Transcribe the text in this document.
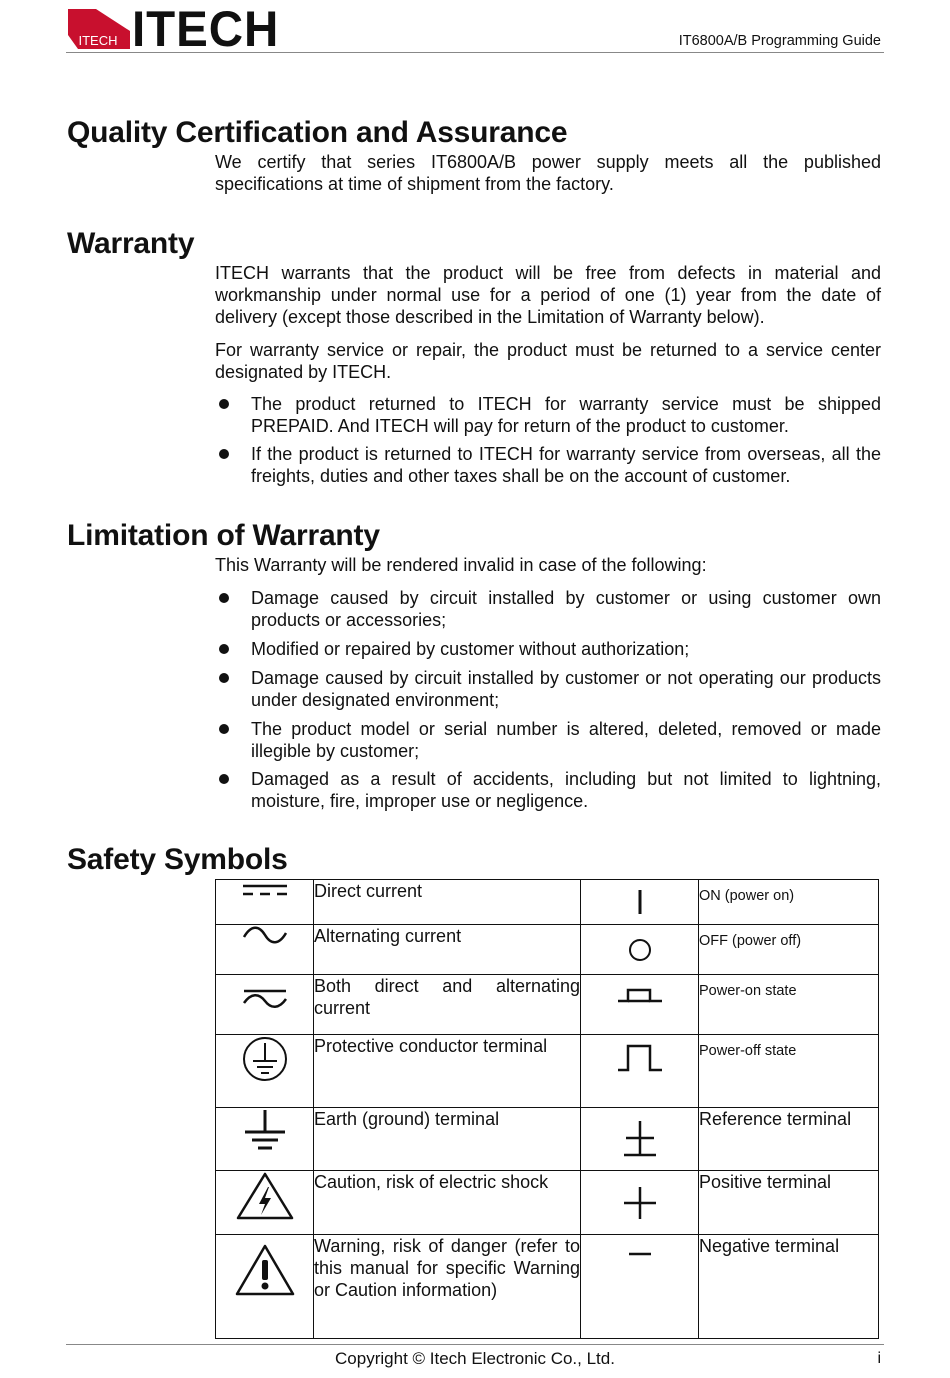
ITECH ITECH	IT6800A/B Programming Guide
Quality Certification and Assurance

We certify that series IT6800A/B power supply meets all the published specifications at time of shipment from the factory.

Warranty

ITECH warrants that the product will be free from defects in material and workmanship under normal use for a period of one (1) year from the date of delivery (except those described in the Limitation of Warranty below).

For warranty service or repair, the product must be returned to a service center designated by ITECH.

The product returned to ITECH for warranty service must be shipped PREPAID. And ITECH will pay for return of the product to customer.
If the product is returned to ITECH for warranty service from overseas, all the freights, duties and other taxes shall be on the account of customer.
Limitation of Warranty

This Warranty will be rendered invalid in case of the following:

Damage caused by circuit installed by customer or using customer own products or accessories;
Modified or repaired by customer without authorization;
Damage caused by circuit installed by customer or not operating our products under designated environment;
The product model or serial number is altered, deleted, removed or made illegible by customer;
Damaged as a result of accidents, including but not limited to lightning, moisture, fire, improper use or negligence.
Safety Symbols
	Direct current		ON (power on)

	Alternating current		OFF (power off)

	Both direct and alternating current		Power-on state

	Protective conductor terminal		Power-off state

	Earth (ground) terminal		Reference terminal

	Caution, risk of electric shock		Positive terminal

	Warning, risk of danger (refer to this manual for specific Warning or Caution information)		Negative terminal
Copyright © Itech Electronic Co., Ltd.	i
